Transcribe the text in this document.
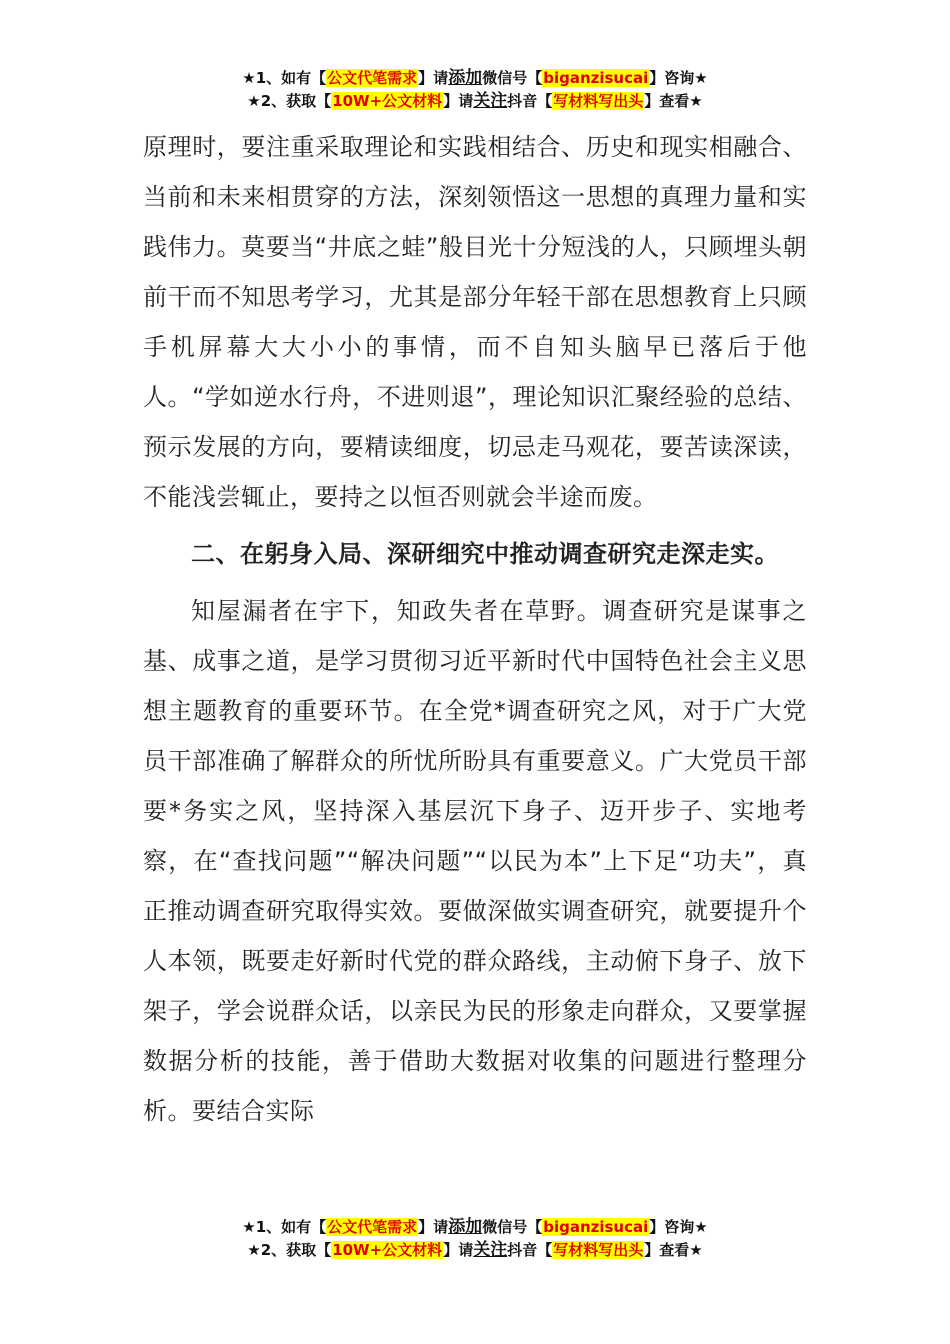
★1、如有【公文代笔需求】请添加微信号【biganzisucai】咨询★
★2、获取【10W+公文材料】请关注抖音【写材料写出头】查看★

原理时，要注重采取理论和实践相结合、历史和现实相融合、当前和未来相贯穿的方法，深刻领悟这一思想的真理力量和实践伟力。莫要当“井底之蛙”般目光十分短浅的人，只顾埋头朝前干而不知思考学习，尤其是部分年轻干部在思想教育上只顾手机屏幕大大小小的事情，而不自知头脑早已落后于他人。“学如逆水行舟，不进则退”，理论知识汇聚经验的总结、预示发展的方向，要精读细度，切忌走马观花，要苦读深读，不能浅尝辄止，要持之以恒否则就会半途而废。

二、在躬身入局、深研细究中推动调查研究走深走实。

知屋漏者在宇下，知政失者在草野。调查研究是谋事之基、成事之道，是学习贯彻习近平新时代中国特色社会主义思想主题教育的重要环节。在全党*调查研究之风，对于广大党员干部准确了解群众的所忧所盼具有重要意义。广大党员干部要*务实之风，坚持深入基层沉下身子、迈开步子、实地考察，在“查找问题”“解决问题”“以民为本”上下足“功夫”，真正推动调查研究取得实效。要做深做实调查研究，就要提升个人本领，既要走好新时代党的群众路线，主动俯下身子、放下架子，学会说群众话，以亲民为民的形象走向群众，又要掌握数据分析的技能，善于借助大数据对收集的问题进行整理分析。要结合实际

★1、如有【公文代笔需求】请添加微信号【biganzisucai】咨询★
★2、获取【10W+公文材料】请关注抖音【写材料写出头】查看★
